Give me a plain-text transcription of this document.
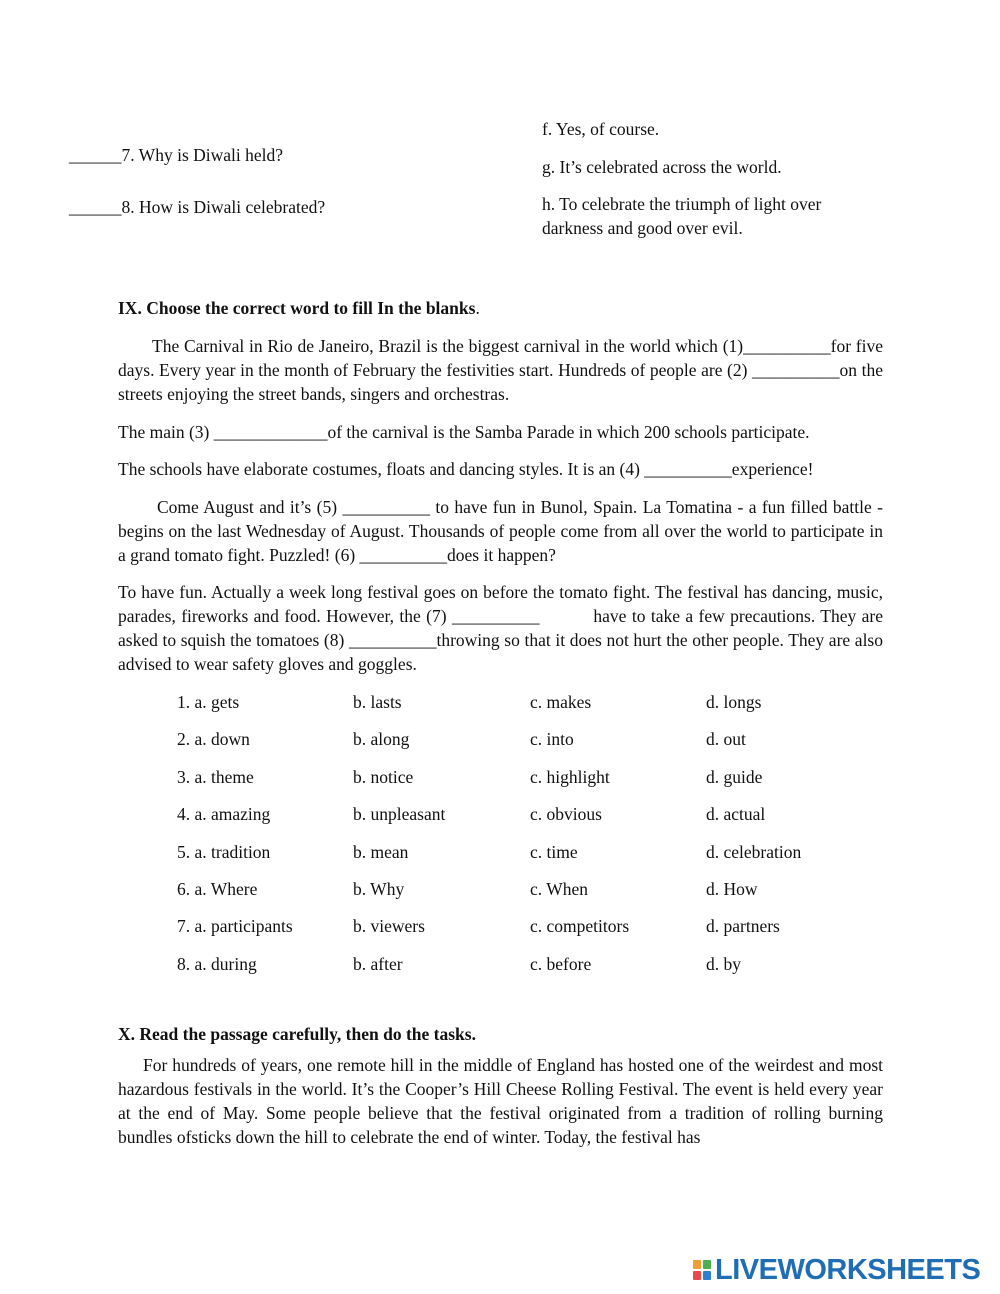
______7. Why is Diwali held?
______8. How is Diwali celebrated?
f. Yes, of course.
g. It’s celebrated across the world.
h. To celebrate the triumph of light over
darkness and good over evil.
IX. Choose the correct word to fill In the blanks.
The Carnival in Rio de Janeiro, Brazil is the biggest carnival in the world which (1)__________for five days. Every year in the month of February the festivities start. Hundreds of people are (2) __________on the streets enjoying the street bands, singers and orchestras.
The main (3) _____________of the carnival is the Samba Parade in which 200 schools participate.
The schools have elaborate costumes, floats and dancing styles. It is an (4) __________experience!
Come August and it’s (5) __________ to have fun in Bunol, Spain. La Tomatina - a fun filled battle - begins on the last Wednesday of August. Thousands of people come from all over the world to participate in a grand tomato fight. Puzzled! (6) __________does it happen?
To have fun. Actually a week long festival goes on before the tomato fight. The festival has dancing, music, parades, fireworks and food. However, the (7) __________          have to take a few precautions. They are asked to squish the tomatoes (8) __________throwing so that it does not hurt the other people. They are also advised to wear safety gloves and goggles.
1. a. gets	b. lasts	c. makes	d. longs
2. a. down	b. along	c. into	d. out
3. a. theme	b. notice	c. highlight	d. guide
4. a. amazing	b. unpleasant	c. obvious	d. actual
5. a. tradition	b. mean	c. time	d. celebration
6. a. Where	b. Why	c. When	d. How
7. a. participants	b. viewers	c. competitors	d. partners
8. a. during	b. after	c. before	d. by
X. Read the passage carefully, then do the tasks.
For hundreds of years, one remote hill in the middle of England has hosted one of the weirdest and most hazardous festivals in the world. It’s the Cooper’s Hill Cheese Rolling Festival. The event is held every year at the end of May. Some people believe that the festival originated from a tradition of rolling burning bundles ofsticks down the hill to celebrate the end of winter. Today, the festival has
LIVEWORKSHEETS
